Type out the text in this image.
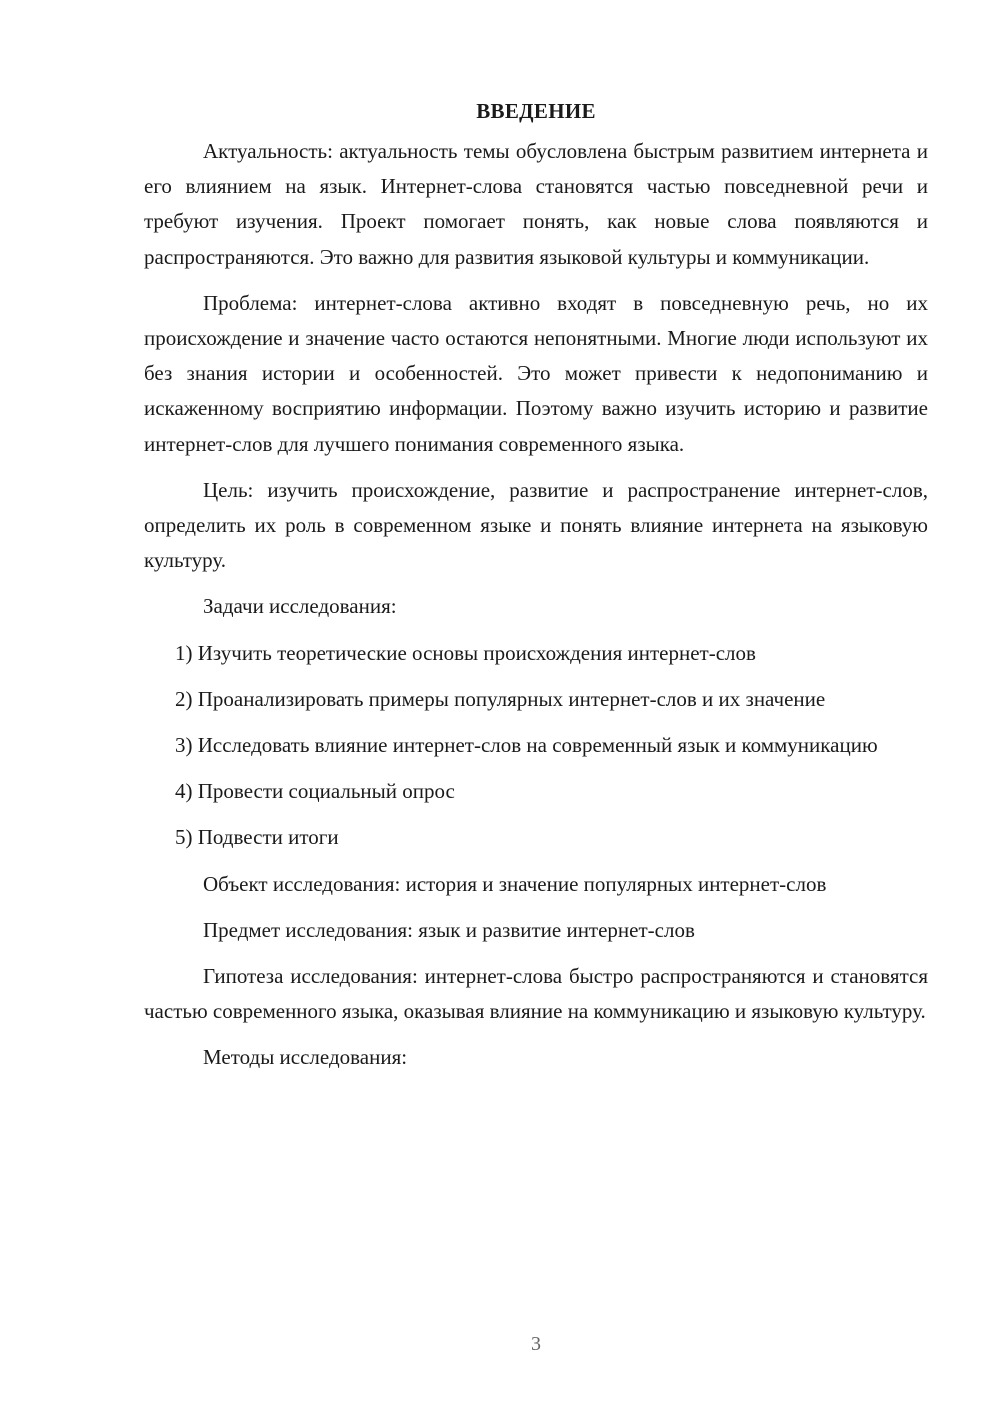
ВВЕДЕНИЕ

Актуальность: актуальность темы обусловлена быстрым развитием интернета и его влиянием на язык. Интернет-слова становятся частью повседневной речи и требуют изучения. Проект помогает понять, как новые слова появляются и распространяются. Это важно для развития языковой культуры и коммуникации.

Проблема: интернет-слова активно входят в повседневную речь, но их происхождение и значение часто остаются непонятными. Многие люди используют их без знания истории и особенностей. Это может привести к недопониманию и искаженному восприятию информации. Поэтому важно изучить историю и развитие интернет-слов для лучшего понимания современного языка.

Цель: изучить происхождение, развитие и распространение интернет-слов, определить их роль в современном языке и понять влияние интернета на языковую культуру.

Задачи исследования:

1) Изучить теоретические основы происхождения интернет-слов

2) Проанализировать примеры популярных интернет-слов и их значение

3) Исследовать влияние интернет-слов на современный язык и коммуникацию

4) Провести социальный опрос

5) Подвести итоги

Объект исследования: история и значение популярных интернет-слов

Предмет исследования: язык и развитие интернет-слов

Гипотеза исследования: интернет-слова быстро распространяются и становятся частью современного языка, оказывая влияние на коммуникацию и языковую культуру.

Методы исследования:

3
